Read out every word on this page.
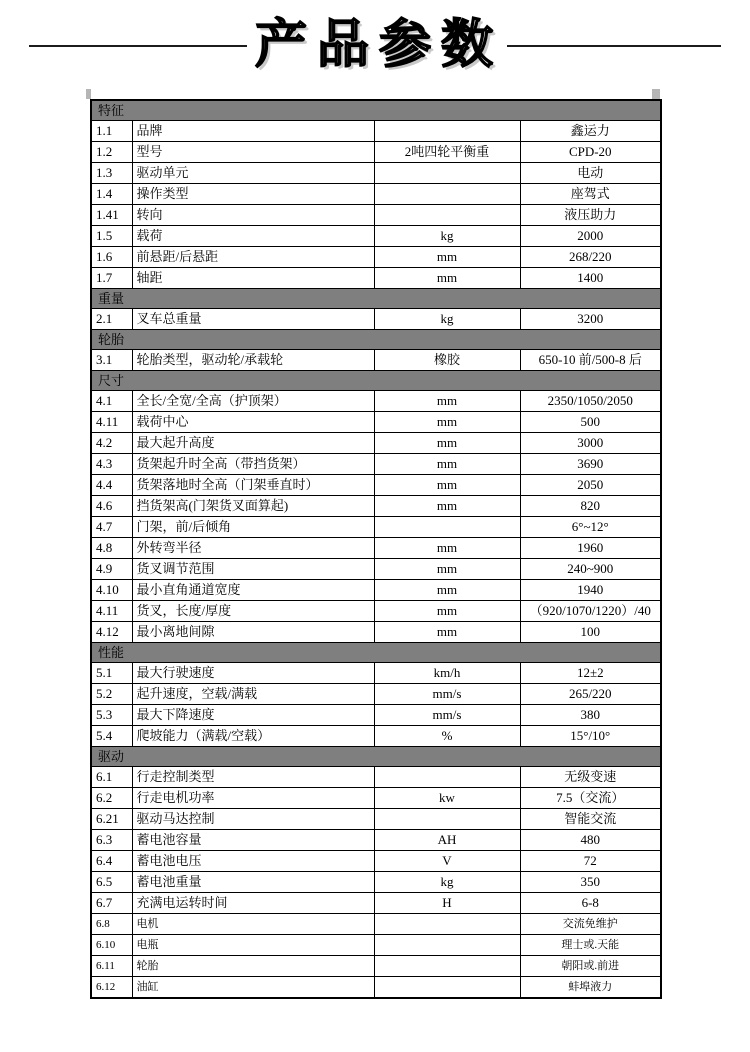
产品参数
特征			
1.1	品牌		鑫运力
1.2	型号	2吨四轮平衡重	CPD-20
1.3	驱动单元		电动
1.4	操作类型		座驾式
1.41	转向		液压助力
1.5	载荷	kg	2000
1.6	前悬距/后悬距	mm	268/220
1.7	轴距	mm	1400
重量			
2.1	叉车总重量	kg	3200
轮胎			
3.1	轮胎类型，驱动轮/承载轮	橡胶	650-10 前/500-8 后
尺寸			
4.1	全长/全宽/全高（护顶架）	mm	2350/1050/2050
4.11	载荷中心	mm	500
4.2	最大起升高度	mm	3000
4.3	货架起升时全高（带挡货架）	mm	3690
4.4	货架落地时全高（门架垂直时）	mm	2050
4.6	挡货架高(门架货叉面算起)	mm	820
4.7	门架，前/后倾角		6°~12°
4.8	外转弯半径	mm	1960
4.9	货叉调节范围	mm	240~900
4.10	最小直角通道宽度	mm	1940
4.11	货叉，长度/厚度	mm	（920/1070/1220）/40
4.12	最小离地间隙	mm	100
性能			
5.1	最大行驶速度	km/h	12±2
5.2	起升速度，空载/满载	mm/s	265/220
5.3	最大下降速度	mm/s	380
5.4	爬坡能力（满载/空载）	%	15°/10°
驱动			
6.1	行走控制类型		无级变速
6.2	行走电机功率	kw	7.5（交流）
6.21	驱动马达控制		智能交流
6.3	蓄电池容量	AH	480
6.4	蓄电池电压	V	72
6.5	蓄电池重量	kg	350
6.7	充满电运转时间	H	6-8
6.8	电机		交流免维护
6.10	电瓶		理士或.天能
6.11	轮胎		朝阳或.前进
6.12	油缸		蚌埠液力
